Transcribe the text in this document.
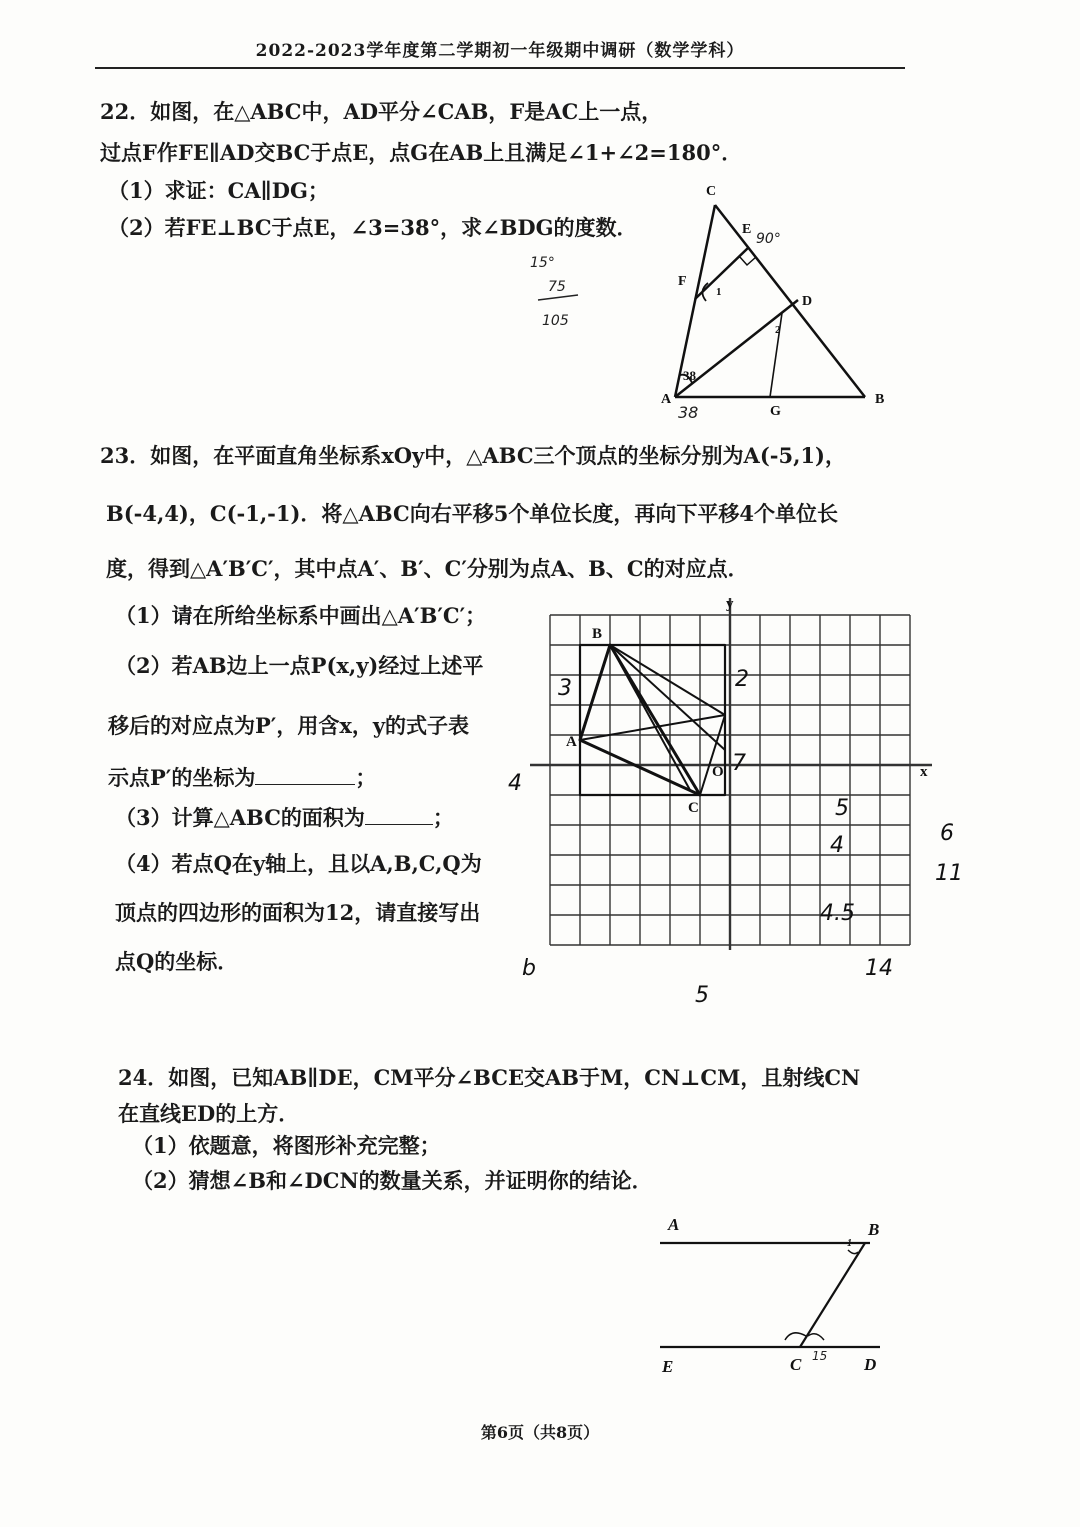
2022-2023学年度第二学期初一年级期中调研（数学学科）
22．如图，在△ABC中，AD平分∠CAB，F是AC上一点，
过点F作FE∥AD交BC于点E，点G在AB上且满足∠1+∠2=180°．
（1）求证：CA∥DG；
（2）若FE⊥BC于点E，∠3=38°，求∠BDG的度数．
C
E
F
D
A
G
B
1
2
38
90°
15°
75
105
38
23．如图，在平面直角坐标系xOy中，△ABC三个顶点的坐标分别为A(-5,1)，
B(-4,4)，C(-1,-1)．将△ABC向右平移5个单位长度，再向下平移4个单位长
度，得到△A′B′C′，其中点A′、B′、C′分别为点A、B、C的对应点．
（1）请在所给坐标系中画出△A′B′C′；
（2）若AB边上一点P(x,y)经过上述平
移后的对应点为P′，用含x，y的式子表
示点P′的坐标为	；
（3）计算△ABC的面积为	；
（4）若点Q在y轴上，且以A,B,C,Q为
顶点的四边形的面积为12，请直接写出
点Q的坐标．
y
x
B
A
C
O
3	2
4
7
5
4
4.5
6
11
14
b
5
24．如图，已知AB∥DE，CM平分∠BCE交AB于M，CN⊥CM，且射线CN
在直线ED的上方．
（1）依题意，将图形补充完整；
（2）猜想∠B和∠DCN的数量关系，并证明你的结论．
A	B
E	C	D
1
15
第6页（共8页）
